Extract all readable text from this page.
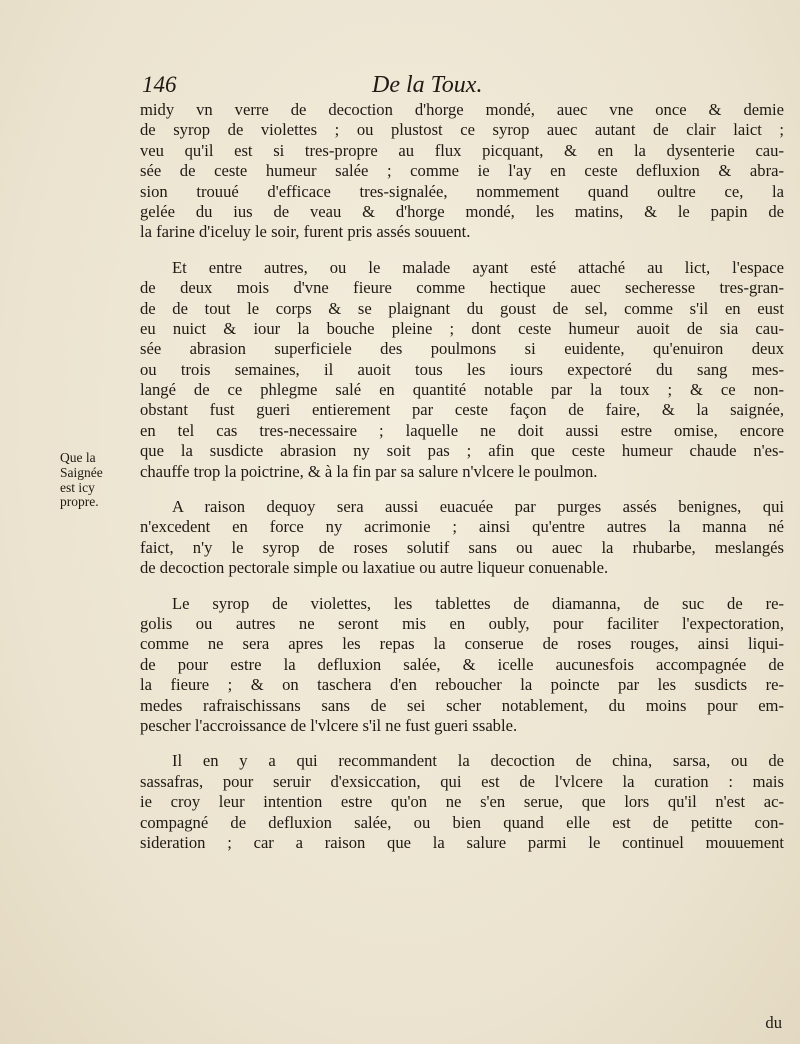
146	De la Toux.
midy vn verre de decoction d'horge mondé, auec vne once & demie
de syrop de violettes ; ou plustost ce syrop auec autant de clair laict ;
veu qu'il est si tres-propre au flux picquant, & en la dysenterie cau-
sée de ceste humeur salée ; comme ie l'ay en ceste defluxion & abra-
sion trouué d'efficace tres-signalée, nommement quand oultre ce, la
gelée du ius de veau & d'horge mondé, les matins, & le papin de
la farine d'iceluy le soir, furent pris assés souuent.
Et entre autres, ou le malade ayant esté attaché au lict, l'espace
de deux mois d'vne fieure comme hectique auec secheresse tres-gran-
de de tout le corps & se plaignant du goust de sel, comme s'il en eust
eu nuict & iour la bouche pleine ; dont ceste humeur auoit de sia cau-
sée abrasion superficiele des poulmons si euidente, qu'enuiron deux
ou trois semaines, il auoit tous les iours expectoré du sang mes-
langé de ce phlegme salé en quantité notable par la toux ; & ce non-
obstant fust gueri entierement par ceste façon de faire, & la saignée,
en tel cas tres-necessaire ; laquelle ne doit aussi estre omise, encore
que la susdicte abrasion ny soit pas ; afin que ceste humeur chaude n'es-
chauffe trop la poictrine, & à la fin par sa salure n'vlcere le poulmon.
A raison dequoy sera aussi euacuée par purges assés benignes, qui
n'excedent en force ny acrimonie ; ainsi qu'entre autres la manna né
faict, n'y le syrop de roses solutif sans ou auec la rhubarbe, meslangés
de decoction pectorale simple ou laxatiue ou autre liqueur conuenable.
Le syrop de violettes, les tablettes de diamanna, de suc de re-
golis ou autres ne seront mis en oubly, pour faciliter l'expectoration,
comme ne sera apres les repas la conserue de roses rouges, ainsi liqui-
de pour estre la defluxion salée, & icelle aucunesfois accompagnée de
la fieure ; & on taschera d'en reboucher la poincte par les susdicts re-
medes rafraischissans sans de sei scher notablement, du moins pour em-
pescher l'accroissance de l'vlcere s'il ne fust gueri ssable.
Il en y a qui recommandent la decoction de china, sarsa, ou de
sassafras, pour seruir d'exsiccation, qui est de l'vlcere la curation : mais
ie croy leur intention estre qu'on ne s'en serue, que lors qu'il n'est ac-
compagné de defluxion salée, ou bien quand elle est de petitte con-
sideration ; car a raison que la salure parmi le continuel mouuement
Que la
Saignée
est icy
propre.
du
